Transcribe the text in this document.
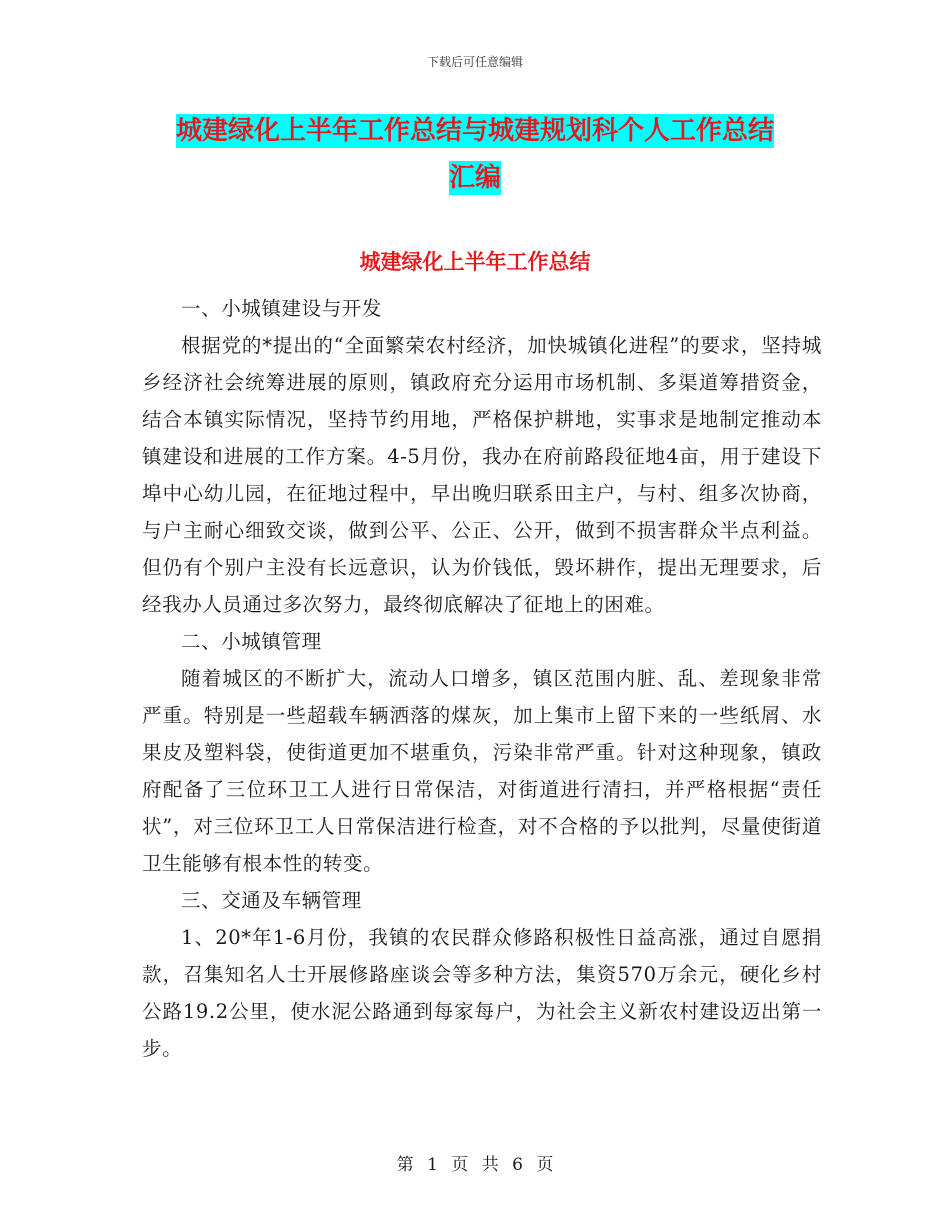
下载后可任意编辑
城建绿化上半年工作总结与城建规划科个人工作总结
汇编
城建绿化上半年工作总结

一、小城镇建设与开发

根据党的*提出的“全面繁荣农村经济，加快城镇化进程”的要求，坚持城乡经济社会统筹进展的原则，镇政府充分运用市场机制、多渠道筹措资金，结合本镇实际情况，坚持节约用地，严格保护耕地，实事求是地制定推动本镇建设和进展的工作方案。4-5月份，我办在府前路段征地4亩，用于建设下埠中心幼儿园，在征地过程中，早出晚归联系田主户，与村、组多次协商，与户主耐心细致交谈，做到公平、公正、公开，做到不损害群众半点利益。但仍有个别户主没有长远意识，认为价钱低，毁坏耕作，提出无理要求，后经我办人员通过多次努力，最终彻底解决了征地上的困难。

二、小城镇管理

随着城区的不断扩大，流动人口增多，镇区范围内脏、乱、差现象非常严重。特别是一些超载车辆洒落的煤灰，加上集市上留下来的一些纸屑、水果皮及塑料袋，使街道更加不堪重负，污染非常严重。针对这种现象，镇政府配备了三位环卫工人进行日常保洁，对街道进行清扫，并严格根据“责任状”，对三位环卫工人日常保洁进行检查，对不合格的予以批判，尽量使街道卫生能够有根本性的转变。

三、交通及车辆管理

1、20*年1-6月份，我镇的农民群众修路积极性日益高涨，通过自愿捐款，召集知名人士开展修路座谈会等多种方法，集资570万余元，硬化乡村公路19.2公里，使水泥公路通到每家每户，为社会主义新农村建设迈出第一步。

第 1 页 共 6 页
